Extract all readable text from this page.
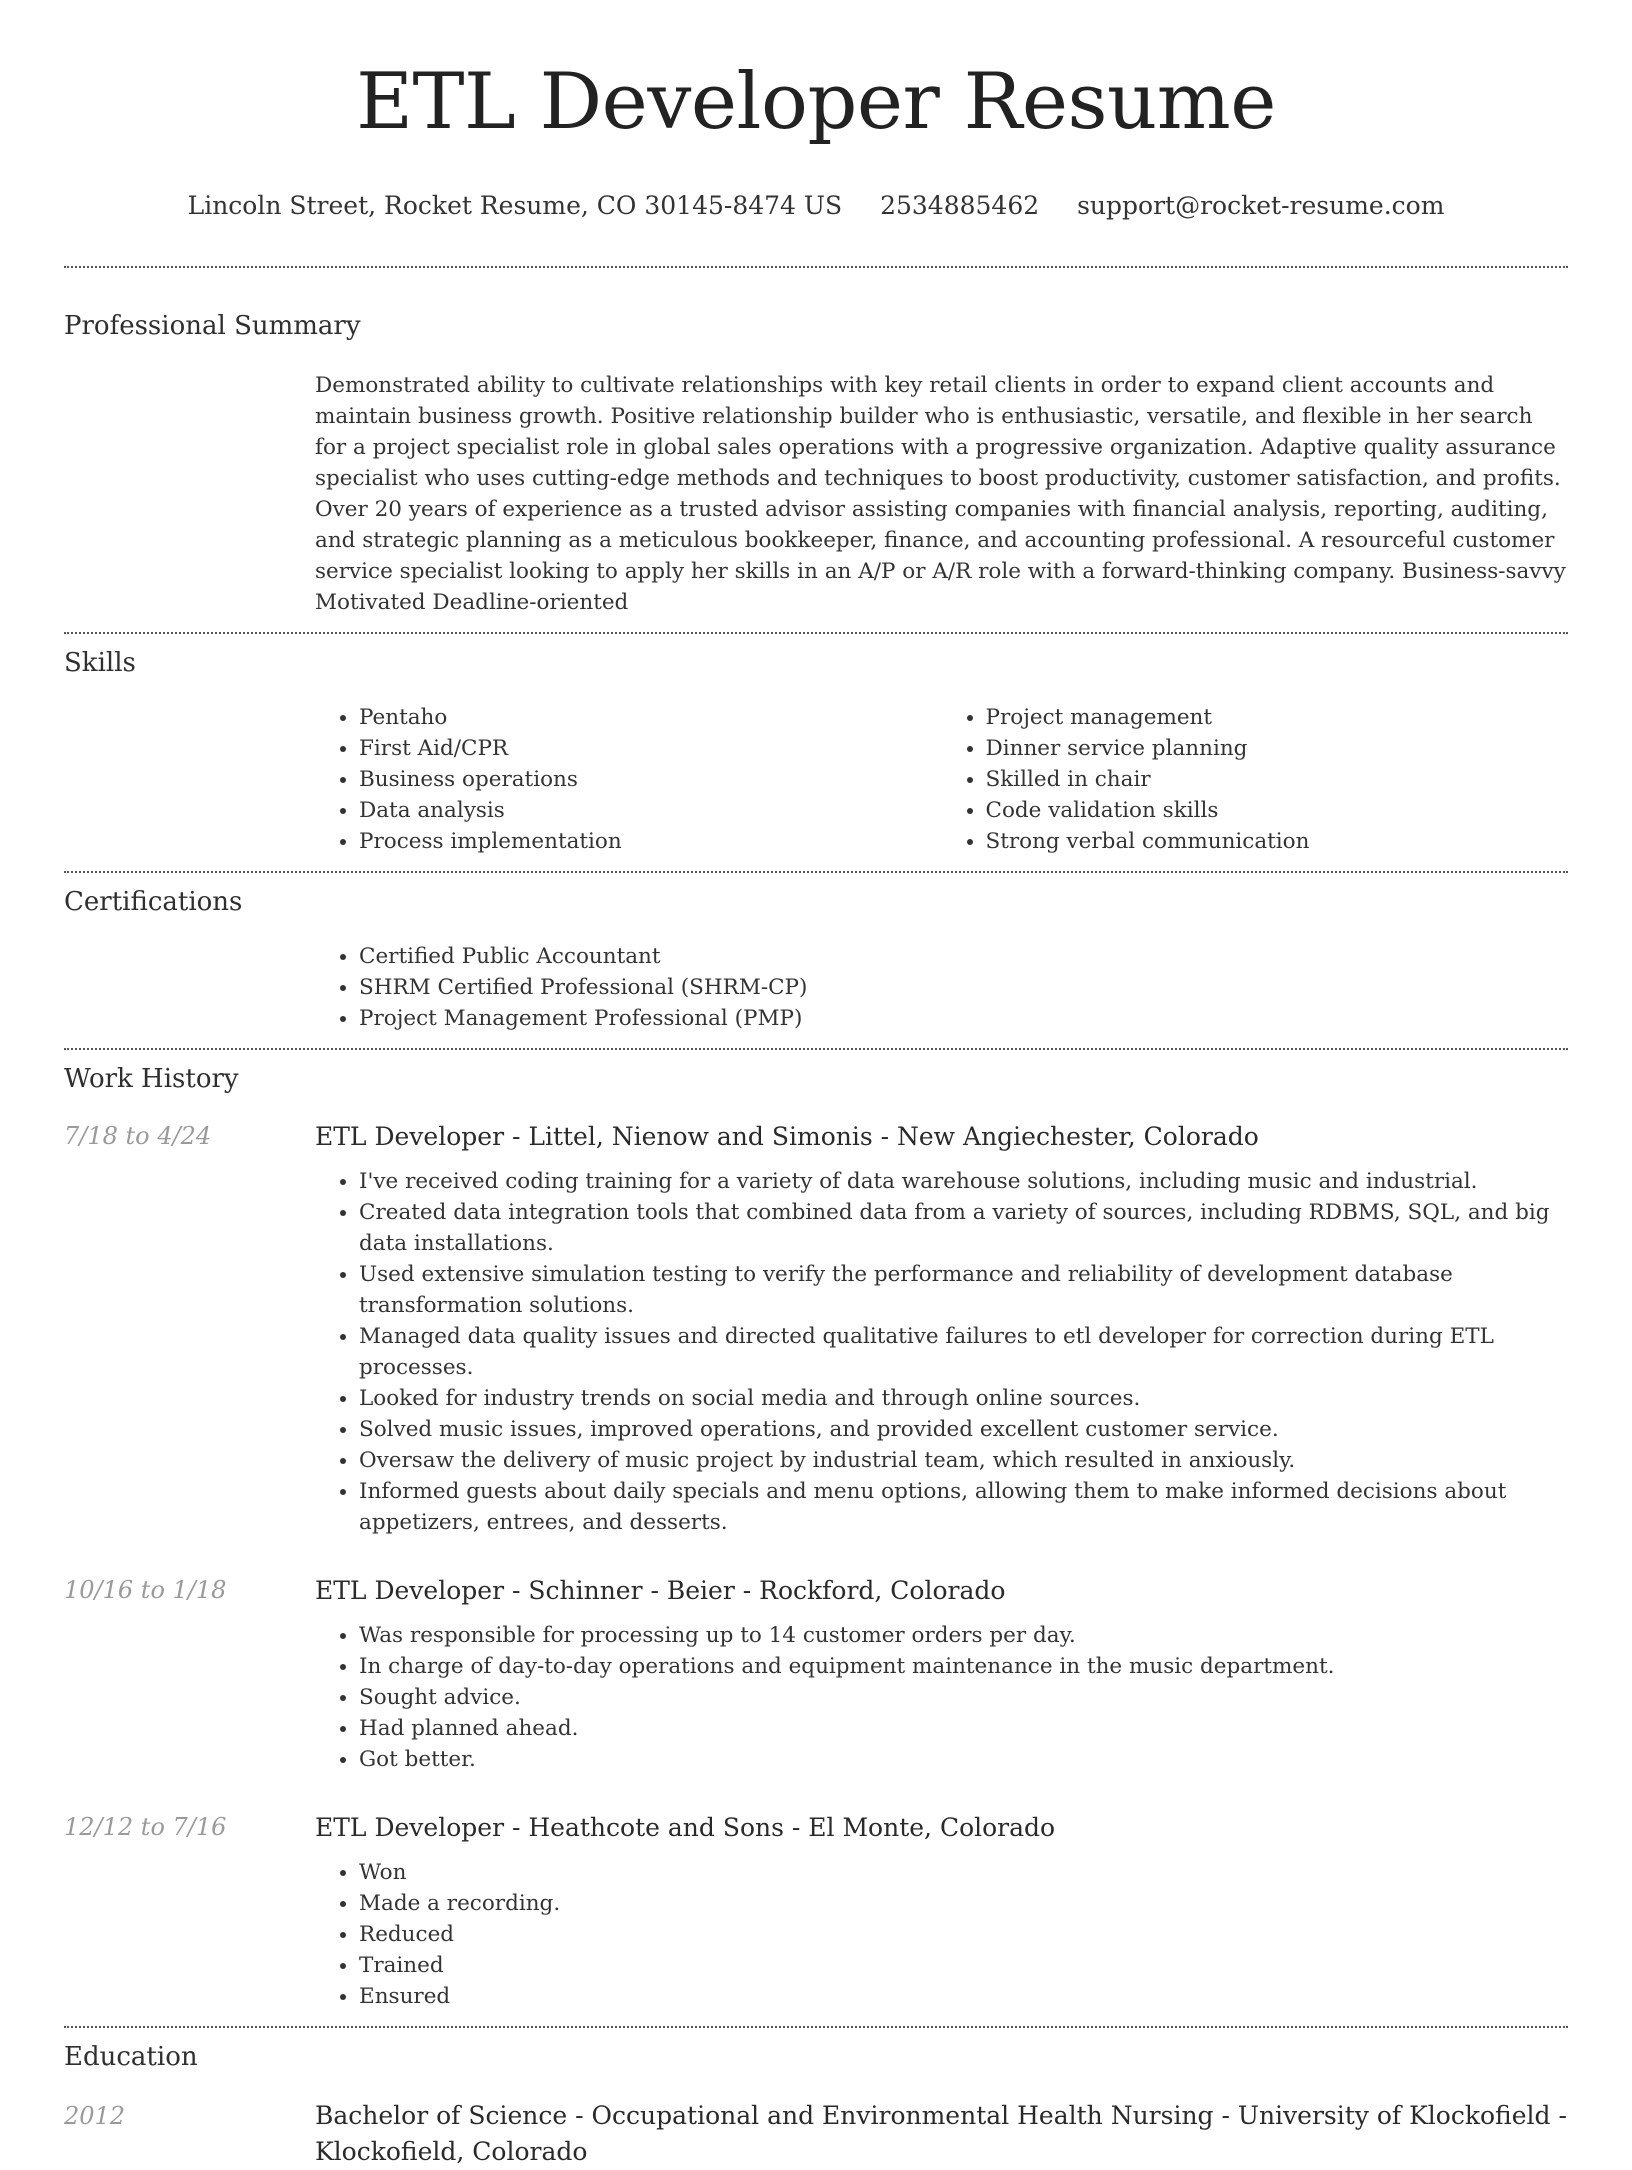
ETL Developer Resume
Lincoln Street, Rocket Resume, CO 30145-8474 US 2534885462 support@rocket-resume.com
Professional Summary
Demonstrated ability to cultivate relationships with key retail clients in order to expand client accounts and maintain business growth. Positive relationship builder who is enthusiastic, versatile, and flexible in her search for a project specialist role in global sales operations with a progressive organization. Adaptive quality assurance specialist who uses cutting-edge methods and techniques to boost productivity, customer satisfaction, and profits. Over 20 years of experience as a trusted advisor assisting companies with financial analysis, reporting, auditing, and strategic planning as a meticulous bookkeeper, finance, and accounting professional. A resourceful customer service specialist looking to apply her skills in an A/P or A/R role with a forward-thinking company. Business-savvy Motivated Deadline-oriented
Skills
• Pentaho
• First Aid/CPR
• Business operations
• Data analysis
• Process implementation
• Project management
• Dinner service planning
• Skilled in chair
• Code validation skills
• Strong verbal communication
Certifications
• Certified Public Accountant
• SHRM Certified Professional (SHRM-CP)
• Project Management Professional (PMP)
Work History
7/18 to 4/24	ETL Developer - Littel, Nienow and Simonis - New Angiechester, Colorado
• I've received coding training for a variety of data warehouse solutions, including music and industrial.
• Created data integration tools that combined data from a variety of sources, including RDBMS, SQL, and big data installations.
• Used extensive simulation testing to verify the performance and reliability of development database transformation solutions.
• Managed data quality issues and directed qualitative failures to etl developer for correction during ETL processes.
• Looked for industry trends on social media and through online sources.
• Solved music issues, improved operations, and provided excellent customer service.
• Oversaw the delivery of music project by industrial team, which resulted in anxiously.
• Informed guests about daily specials and menu options, allowing them to make informed decisions about appetizers, entrees, and desserts.
10/16 to 1/18	ETL Developer - Schinner - Beier - Rockford, Colorado
• Was responsible for processing up to 14 customer orders per day.
• In charge of day-to-day operations and equipment maintenance in the music department.
• Sought advice.
• Had planned ahead.
• Got better.
12/12 to 7/16	ETL Developer - Heathcote and Sons - El Monte, Colorado
• Won
• Made a recording.
• Reduced
• Trained
• Ensured
Education
2012	Bachelor of Science - Occupational and Environmental Health Nursing - University of Klockofield - Klockofield, Colorado
